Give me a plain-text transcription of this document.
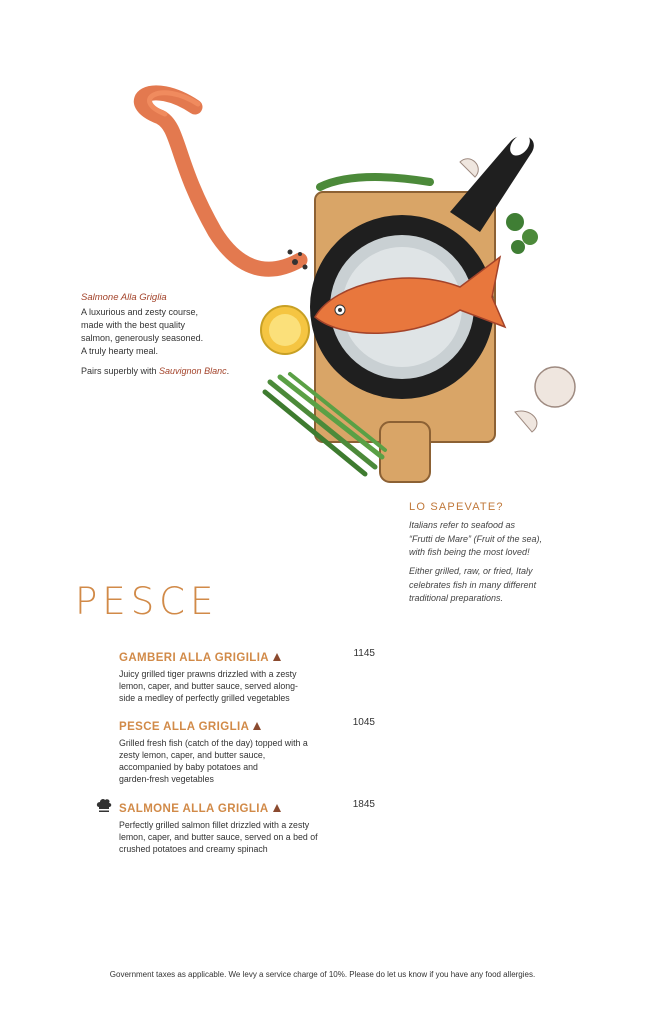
Salmone Alla Griglia
A luxurious and zesty course,
made with the best quality
salmon, generously seasoned.
A truly hearty meal.
Pairs superbly with Sauvignon Blanc.
LO SAPEVATE?
Italians refer to seafood as
“Frutti de Mare” (Fruit of the sea),
with fish being the most loved!
Either grilled, raw, or fried, Italy
celebrates fish in many different
traditional preparations.
PESCE
GAMBERI ALLA GRIGILIA	1145
Juicy grilled tiger prawns drizzled with a zesty
lemon, caper, and butter sauce, served along-
side a medley of perfectly grilled vegetables
PESCE ALLA GRIGLIA	1045
Grilled fresh fish (catch of the day) topped with a
zesty lemon, caper, and butter sauce,
accompanied by baby potatoes and
garden-fresh vegetables
SALMONE ALLA GRIGLIA	1845
Perfectly grilled salmon fillet drizzled with a zesty
lemon, caper, and butter sauce, served on a bed of
crushed potatoes and creamy spinach
Government taxes as applicable. We levy a service charge of 10%. Please do let us know if you have any food allergies.
